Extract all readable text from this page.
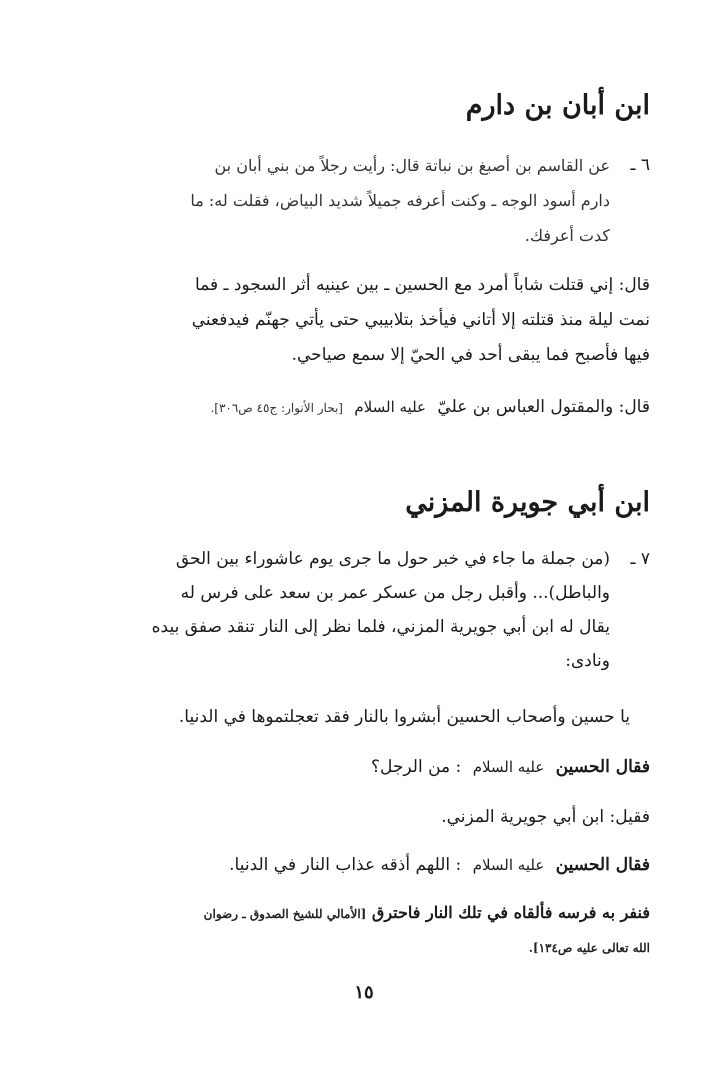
ابن أبان بن دارم
٦ ـ
عن القاسم بن أصبغ بن نباتة قال: رأيت رجلاً من بني أبان بن
دارم أسود الوجه ـ وكنت أعرفه جميلاً شديد البياض، فقلت له: ما
كدت أعرفك.
قال: إني قتلت شاباً أمرد مع الحسين ـ بين عينيه أثر السجود ـ فما
نمت ليلة منذ قتلته إلا أتاني فيأخذ بتلابيبي حتى يأتي جهنّم فيدفعني
فيها فأصبح فما يبقى أحد في الحيّ إلا سمع صياحي.
قال: والمقتول العباس بن عليّ عليه السلام [بحار الأنوار: ج٤٥ ص٣٠٦].
ابن أبي جويرة المزني
٧ ـ
(من جملة ما جاء في خبر حول ما جرى يوم عاشوراء بين الحق
والباطل)... وأقبل رجل من عسكر عمر بن سعد على فرس له
يقال له ابن أبي جويرية المزني، فلما نظر إلى النار تنقد صفق بيده
ونادى:
يا حسين وأصحاب الحسين أبشروا بالنار فقد تعجلتموها في الدنيا.
فقال الحسين عليه السلام : من الرجل؟
فقيل: ابن أبي جويرية المزني.
فقال الحسين عليه السلام : اللهم أذقه عذاب النار في الدنيا.
فنفر به فرسه فألقاه في تلك النار فاحترق [الأمالي للشيخ الصدوق ـ رضوان
الله تعالى عليه ص١٣٤].
١٥
